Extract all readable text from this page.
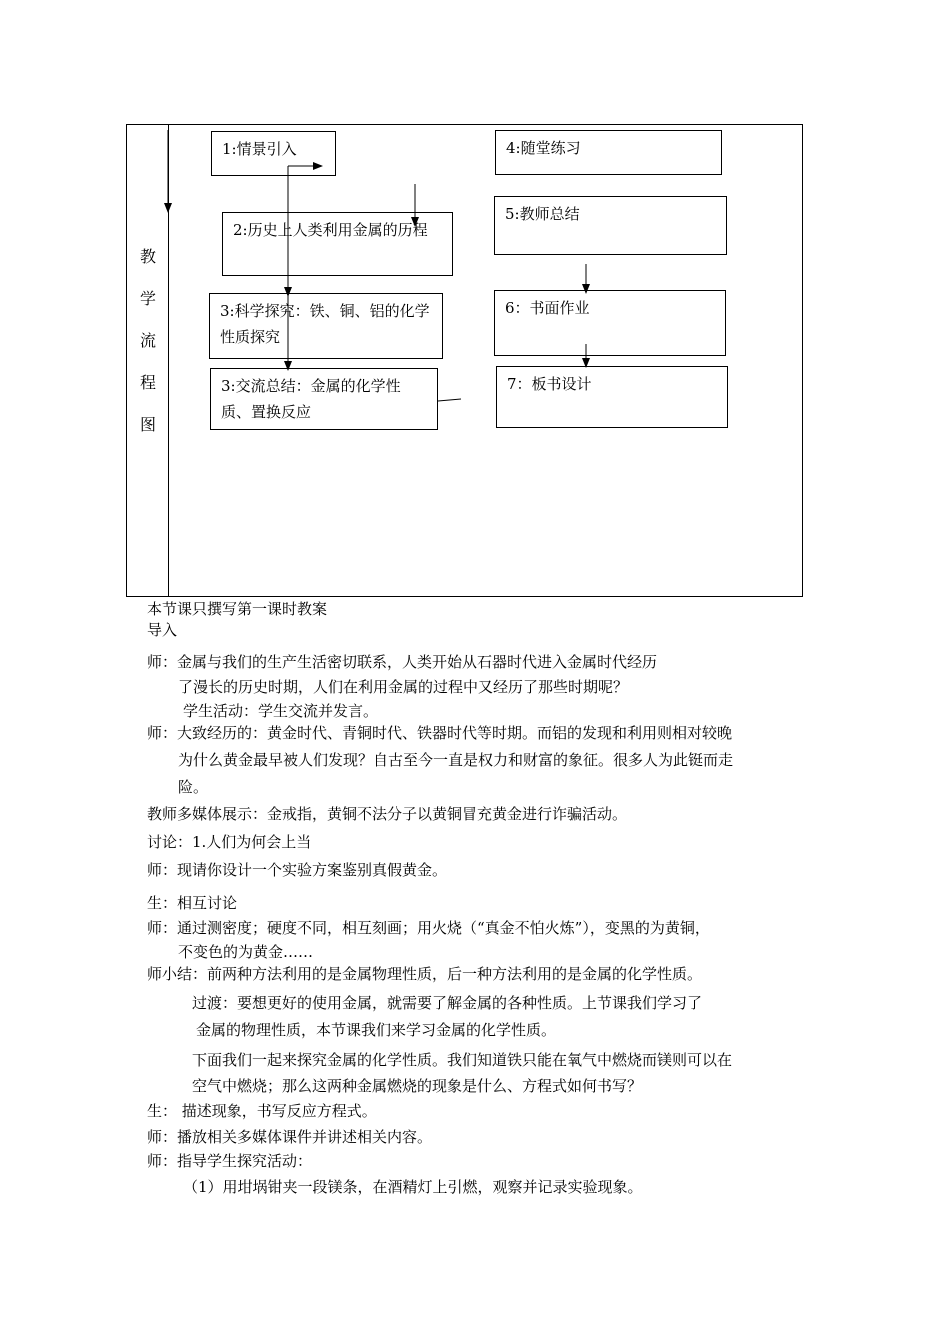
教
学
流
程
图
1:情景引入
2:历史上人类利用金属的历程
3:科学探究：铁、铜、铝的化学性质探究
3:交流总结：金属的化学性质、置换反应
4:随堂练习
5:教师总结
6：书面作业
7：板书设计
本节课只撰写第一课时教案
导入
师：金属与我们的生产生活密切联系，人类开始从石器时代进入金属时代经历
了漫长的历史时期，人们在利用金属的过程中又经历了那些时期呢？
学生活动：学生交流并发言。
师：大致经历的：黄金时代、青铜时代、铁器时代等时期。而铝的发现和利用则相对较晚
为什么黄金最早被人们发现？自古至今一直是权力和财富的象征。很多人为此铤而走
险。
教师多媒体展示：金戒指，黄铜不法分子以黄铜冒充黄金进行诈骗活动。
讨论：1.人们为何会上当
师：现请你设计一个实验方案鉴别真假黄金。
生：相互讨论
师：通过测密度；硬度不同，相互刻画；用火烧（“真金不怕火炼”），变黑的为黄铜，
不变色的为黄金……
师小结：前两种方法利用的是金属物理性质，后一种方法利用的是金属的化学性质。
过渡：要想更好的使用金属，就需要了解金属的各种性质。上节课我们学习了
金属的物理性质，本节课我们来学习金属的化学性质。
下面我们一起来探究金属的化学性质。我们知道铁只能在氧气中燃烧而镁则可以在
空气中燃烧；那么这两种金属燃烧的现象是什么、方程式如何书写？
生： 描述现象，书写反应方程式。
师：播放相关多媒体课件并讲述相关内容。
师：指导学生探究活动：
（1）用坩埚钳夹一段镁条，在酒精灯上引燃，观察并记录实验现象。
